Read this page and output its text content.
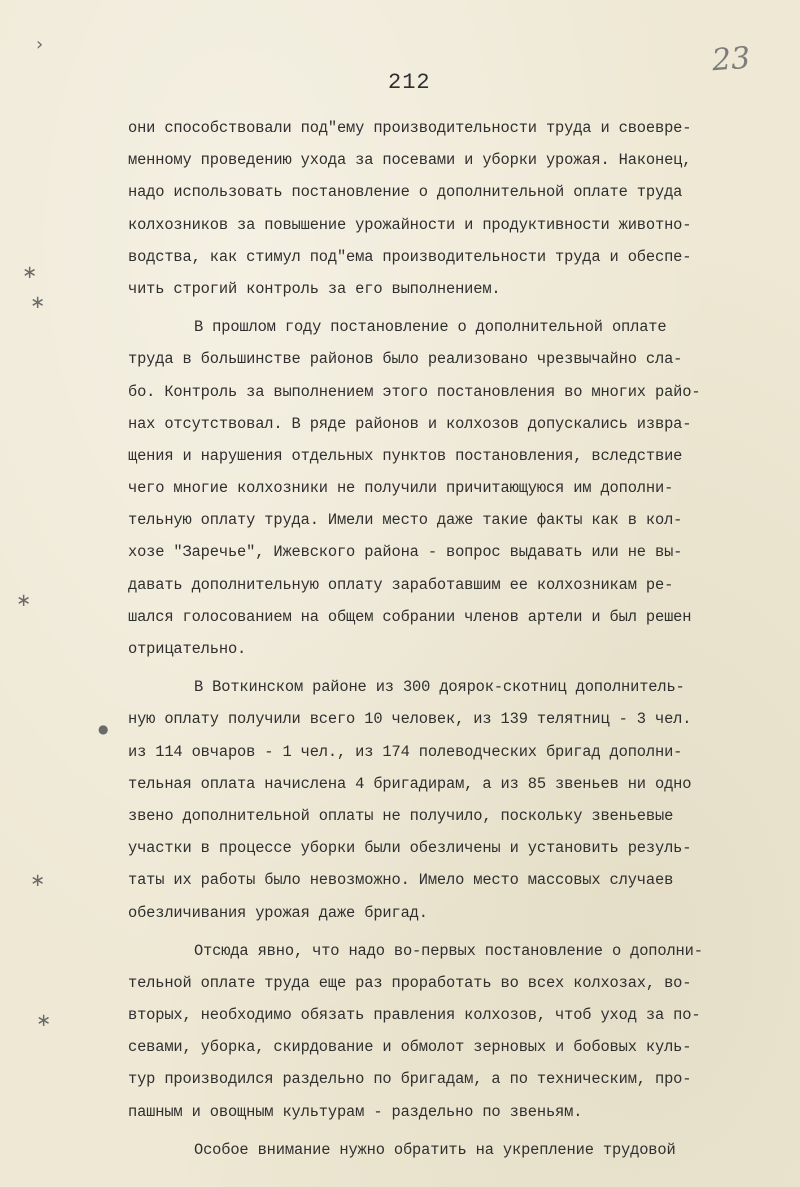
›
∗
∗
∗
●
∗
∗
212
23
они способствовали под"ему производительности труда и своевре-
менному проведению ухода за посевами и уборки урожая. Наконец,
надо использовать постановление о дополнительной оплате труда
колхозников за повышение урожайности и продуктивности животно-
водства, как стимул под"ема производительности труда и обеспе-
чить строгий контроль за его выполнением.
В прошлом году постановление о дополнительной оплате
труда в большинстве районов было реализовано чрезвычайно сла-
бо. Контроль за выполнением этого постановления во многих райо-
нах отсутствовал. В ряде районов и колхозов допускались извра-
щения и нарушения отдельных пунктов постановления, вследствие
чего многие колхозники не получили причитающуюся им дополни-
тельную оплату труда. Имели место даже такие факты как в кол-
хозе "Заречье", Ижевского района - вопрос выдавать или не вы-
давать дополнительную оплату заработавшим ее колхозникам ре-
шался голосованием на общем собрании членов артели и был решен
отрицательно.
В Воткинском районе из 300 доярок-скотниц дополнитель-
ную оплату получили всего 10 человек, из 139 телятниц - 3 чел.
из 114 овчаров - 1 чел., из 174 полеводческих бригад дополни-
тельная оплата начислена 4 бригадирам, а из 85 звеньев ни одно
звено дополнительной оплаты не получило, поскольку звеньевые
участки в процессе уборки были обезличены и установить резуль-
таты их работы было невозможно. Имело место массовых случаев
обезличивания урожая даже бригад.
Отсюда явно, что надо во-первых постановление о дополни-
тельной оплате труда еще раз проработать во всех колхозах, во-
вторых, необходимо обязать правления колхозов, чтоб уход за по-
севами, уборка, скирдование и обмолот зерновых и бобовых куль-
тур производился раздельно по бригадам, а по техническим, про-
пашным и овощным культурам - раздельно по звеньям.
Особое внимание нужно обратить на укрепление трудовой
